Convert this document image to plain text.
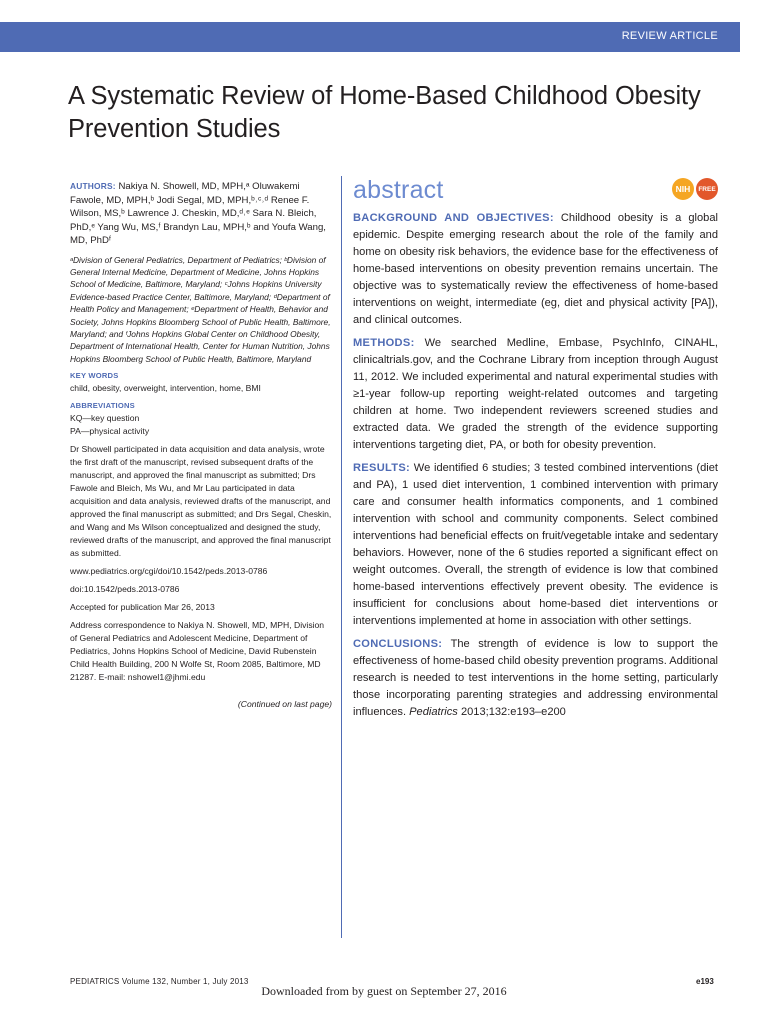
REVIEW ARTICLE
A Systematic Review of Home-Based Childhood Obesity Prevention Studies

AUTHORS: Nakiya N. Showell, MD, MPH,ᵃ Oluwakemi Fawole, MD, MPH,ᵇ Jodi Segal, MD, MPH,ᵇ˒ᶜ˒ᵈ Renee F. Wilson, MS,ᵇ Lawrence J. Cheskin, MD,ᵈ˒ᵉ Sara N. Bleich, PhD,ᵉ Yang Wu, MS,ᶠ Brandyn Lau, MPH,ᵇ and Youfa Wang, MD, PhDᶠ

ᵃDivision of General Pediatrics, Department of Pediatrics; ᵇDivision of General Internal Medicine, Department of Medicine, Johns Hopkins School of Medicine, Baltimore, Maryland; ᶜJohns Hopkins University Evidence-based Practice Center, Baltimore, Maryland; ᵈDepartment of Health Policy and Management; ᵉDepartment of Health, Behavior and Society, Johns Hopkins Bloomberg School of Public Health, Baltimore, Maryland; and ᶠJohns Hopkins Global Center on Childhood Obesity, Department of International Health, Center for Human Nutrition, Johns Hopkins Bloomberg School of Public Health, Baltimore, Maryland

KEY WORDS

child, obesity, overweight, intervention, home, BMI

ABBREVIATIONS

KQ—key question

PA—physical activity

Dr Showell participated in data acquisition and data analysis, wrote the first draft of the manuscript, revised subsequent drafts of the manuscript, and approved the final manuscript as submitted; Drs Fawole and Bleich, Ms Wu, and Mr Lau participated in data acquisition and data analysis, reviewed drafts of the manuscript, and approved the final manuscript as submitted; and Drs Segal, Cheskin, and Wang and Ms Wilson conceptualized and designed the study, reviewed drafts of the manuscript, and approved the final manuscript as submitted.

www.pediatrics.org/cgi/doi/10.1542/peds.2013-0786

doi:10.1542/peds.2013-0786

Accepted for publication Mar 26, 2013

Address correspondence to Nakiya N. Showell, MD, MPH, Division of General Pediatrics and Adolescent Medicine, Department of Pediatrics, Johns Hopkins School of Medicine, David Rubenstein Child Health Building, 200 N Wolfe St, Room 2085, Baltimore, MD 21287. E-mail: nshowel1@jhmi.edu

(Continued on last page)

abstract	NIH	FREE

BACKGROUND AND OBJECTIVES: Childhood obesity is a global epidemic. Despite emerging research about the role of the family and home on obesity risk behaviors, the evidence base for the effectiveness of home-based interventions on obesity prevention remains uncertain. The objective was to systematically review the effectiveness of home-based interventions on weight, intermediate (eg, diet and physical activity [PA]), and clinical outcomes.

METHODS: We searched Medline, Embase, PsychInfo, CINAHL, clinicaltrials.gov, and the Cochrane Library from inception through August 11, 2012. We included experimental and natural experimental studies with ≥1-year follow-up reporting weight-related outcomes and targeting children at home. Two independent reviewers screened studies and extracted data. We graded the strength of the evidence supporting interventions targeting diet, PA, or both for obesity prevention.

RESULTS: We identified 6 studies; 3 tested combined interventions (diet and PA), 1 used diet intervention, 1 combined intervention with primary care and consumer health informatics components, and 1 combined intervention with school and community components. Select combined interventions had beneficial effects on fruit/vegetable intake and sedentary behaviors. However, none of the 6 studies reported a significant effect on weight outcomes. Overall, the strength of evidence is low that combined home-based interventions effectively prevent obesity. The evidence is insufficient for conclusions about home-based diet interventions or interventions implemented at home in association with other settings.

CONCLUSIONS: The strength of evidence is low to support the effectiveness of home-based child obesity prevention programs. Additional research is needed to test interventions in the home setting, particularly those incorporating parenting strategies and addressing environmental influences. Pediatrics 2013;132:e193–e200

PEDIATRICS Volume 132, Number 1, July 2013	e193
Downloaded from by guest on September 27, 2016
